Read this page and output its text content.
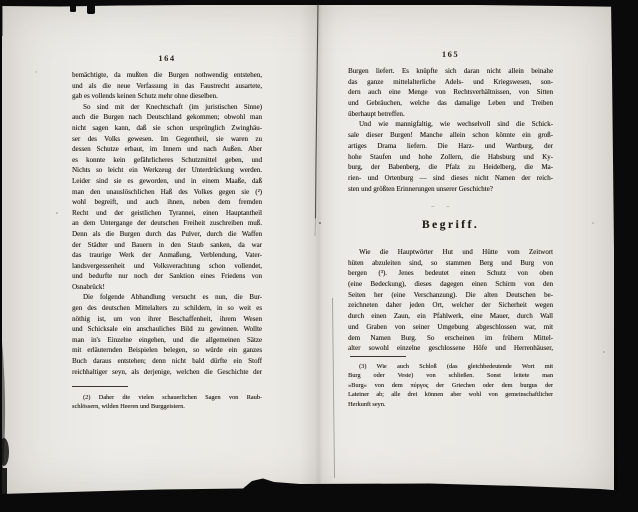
164
bemächtigte, da mußten die Burgen nothwendig entstehen,
und als die neue Verfassung in das Faustrecht ausartete,
gab es vollends keinen Schutz mehr ohne dieselben.
So sind mit der Knechtschaft (im juristischen Sinne)
auch die Burgen nach Deutschland gekommen; obwohl man
nicht sagen kann, daß sie schon ursprünglich Zwinghäu-
ser des Volks gewesen. Im Gegentheil, sie waren zu
dessen Schutze erbaut, im Innern und nach Außen. Aber
es konnte kein gefährlicheres Schutzmittel geben, und
Nichts so leicht ein Werkzeug der Unterdrückung werden.
Leider sind sie es geworden, und in einem Maaße, daß
man den unauslöschlichen Haß des Volkes gegen sie (²)
wohl begreift, und auch ihnen, neben dem fremden
Recht und der geistlichen Tyrannei, einen Hauptantheil
an dem Untergange der deutschen Freiheit zuschreiben muß.
Denn als die Burgen durch das Pulver, durch die Waffen
der Städter und Bauern in den Staub sanken, da war
das traurige Werk der Anmaßung, Verblendung, Vater-
landsvergessenheit und Volksverachtung schon vollendet,
und bedurfte nur noch der Sanktion eines Friedens von
Osnabrück!
Die folgende Abhandlung versucht es nun, die Bur-
gen des deutschen Mittelalters zu schildern, in so weit es
nöthig ist, um von ihrer Beschaffenheit, ihrem Wesen
und Schicksale ein anschauliches Bild zu gewinnen. Wollte
man in's Einzelne eingehen, und die allgemeinen Sätze
mit erläuternden Beispielen belegen, so würde ein ganzes
Buch daraus entstehen; denn nicht bald dürfte ein Stoff
reichhaltiger seyn, als derjenige, welchen die Geschichte der
(2) Daher die vielen schauerlichen Sagen von Raub-
schlössern, wilden Heeren und Burggeistern.
165
Burgen liefert. Es knüpfte sich daran nicht allein beinahe
das ganze mittelalterliche Adels- und Kriegswesen, son-
dern auch eine Menge von Rechtsverhältnissen, von Sitten
und Gebräuchen, welche das damalige Leben und Treiben
überhaupt betreffen.
Und wie mannigfaltig, wie wechselvoll sind die Schick-
sale dieser Burgen! Manche allein schon könnte ein groß-
artiges Drama liefern. Die Harz- und Wartburg, der
hohe Staufen und hohe Zollern, die Habsburg und Ky-
burg, der Babenberg, die Pfalz zu Heidelberg, die Ma-
rien- und Ortenburg — sind dieses nicht Namen der reich-
sten und größten Erinnerungen unserer Geschichte?
– –
Begriff.
Wie die Hauptwörter Hut und Hütte vom Zeitwort
hüten abzuleiten sind, so stammen Berg und Burg von
bergen (³). Jenes bedeutet einen Schutz von oben
(eine Bedeckung), dieses dagegen einen Schirm von den
Seiten her (eine Verschanzung). Die alten Deutschen be-
zeichneten daher jeden Ort, welcher der Sicherheit wegen
durch einen Zaun, ein Pfahlwerk, eine Mauer, durch Wall
und Graben von seiner Umgebung abgeschlossen war, mit
dem Namen Burg. So erscheinen im frühern Mittel-
alter sowohl einzelne geschlossene Höfe und Herrenhäuser,
(3) Wie auch Schloß (das gleichbedeutende Wort mit
Burg oder Veste) von schließen. Sonst leitete man
»Burg« von dem πύργος der Griechen oder dem burgus der
Lateiner ab; alle drei können aber wohl von gemeinschaftlicher
Herkunft seyn.
